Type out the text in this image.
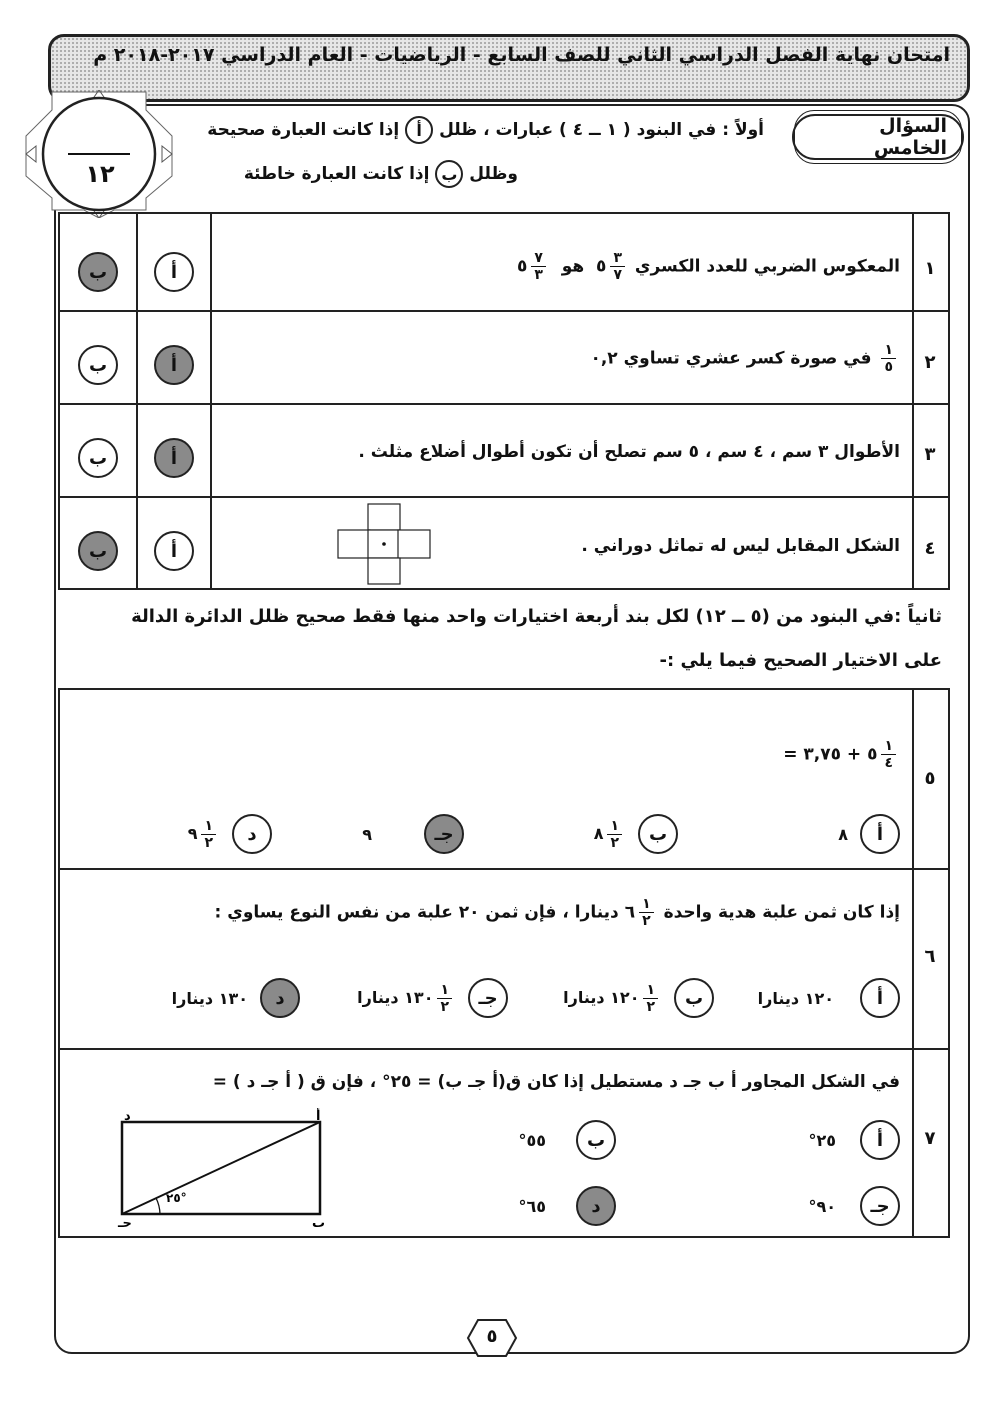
امتحان نهاية الفصل الدراسي الثاني للصف السابع - الرياضيات - العام الدراسي ٢٠١٧-٢٠١٨ م
١٢
السؤال الخامس
أولاً : في البنود ( ١ ــ ٤ ) عبارات ، ظلل أ إذا كانت العبارة صحيحة
وظلل ب إذا كانت العبارة خاطئة
١
المعكوس الضربي للعدد الكسري
$\frac{٣}{٧}$
٥  هو
$\frac{٧}{٣}$
٥
أ
ب
٢
$\frac{١}{٥}$
في صورة كسر عشري تساوي ٠,٢
أ
ب
٣
الأطوال ٣ سم ، ٤ سم ، ٥ سم تصلح أن تكون أطوال أضلاع مثلث .
أ
ب
٤
الشكل المقابل ليس له تماثل دوراني .
أ
ب
ثانياً :في البنود من (٥ ــ ١٢) لكل بند أربعة اختيارات واحد منها فقط صحيح ظلل الدائرة الدالة
على الاختيار الصحيح فيما يلي :-
٥
$\frac{١}{٤}$
٥ + ٣,٧٥ =
أ
٨
ب
$\frac{١}{٢}$
٨
جـ
٩
د
$\frac{١}{٢}$
٩
٦
إذا كان ثمن علبة هدية واحدة
$\frac{١}{٢}$
٦ دينارا ، فإن ثمن ٢٠ علبة من نفس النوع يساوي :
أ
١٢٠ دينارا
ب
$\frac{١}{٢}$
١٢٠ دينارا
جـ
$\frac{١}{٢}$
١٣٠ دينارا
د
١٣٠ دينارا
٧
في الشكل المجاور أ ب جـ د مستطيل إذا كان ق(أ جـ ب) = ٢٥° ، فإن ق ( أ جـ د ) =
أ
٢٥°
ب
٥٥°
جـ
٩٠°
د
٦٥°
د	أ
جـ	ب
٢٥°
٥
